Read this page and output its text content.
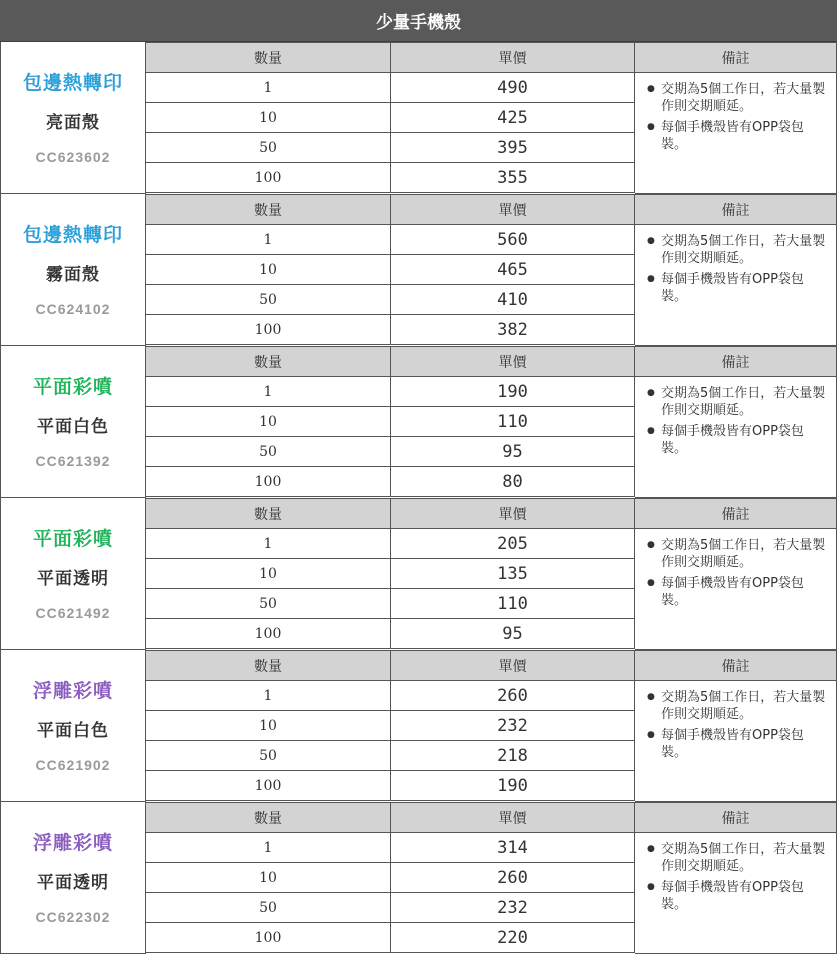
少量手機殼
包邊熱轉印
亮面殼
CC623602
數量	單價	備註
1	490
10	425
50	395
100	355
● 交期為5個工作日，若大量製作則交期順延。
● 每個手機殼皆有OPP袋包裝。
包邊熱轉印
霧面殼
CC624102
數量	單價	備註
1	560
10	465
50	410
100	382
● 交期為5個工作日，若大量製作則交期順延。
● 每個手機殼皆有OPP袋包裝。
平面彩噴
平面白色
CC621392
數量	單價	備註
1	190
10	110
50	95
100	80
● 交期為5個工作日，若大量製作則交期順延。
● 每個手機殼皆有OPP袋包裝。
平面彩噴
平面透明
CC621492
數量	單價	備註
1	205
10	135
50	110
100	95
● 交期為5個工作日，若大量製作則交期順延。
● 每個手機殼皆有OPP袋包裝。
浮雕彩噴
平面白色
CC621902
數量	單價	備註
1	260
10	232
50	218
100	190
● 交期為5個工作日，若大量製作則交期順延。
● 每個手機殼皆有OPP袋包裝。
浮雕彩噴
平面透明
CC622302
數量	單價	備註
1	314
10	260
50	232
100	220
● 交期為5個工作日，若大量製作則交期順延。
● 每個手機殼皆有OPP袋包裝。
